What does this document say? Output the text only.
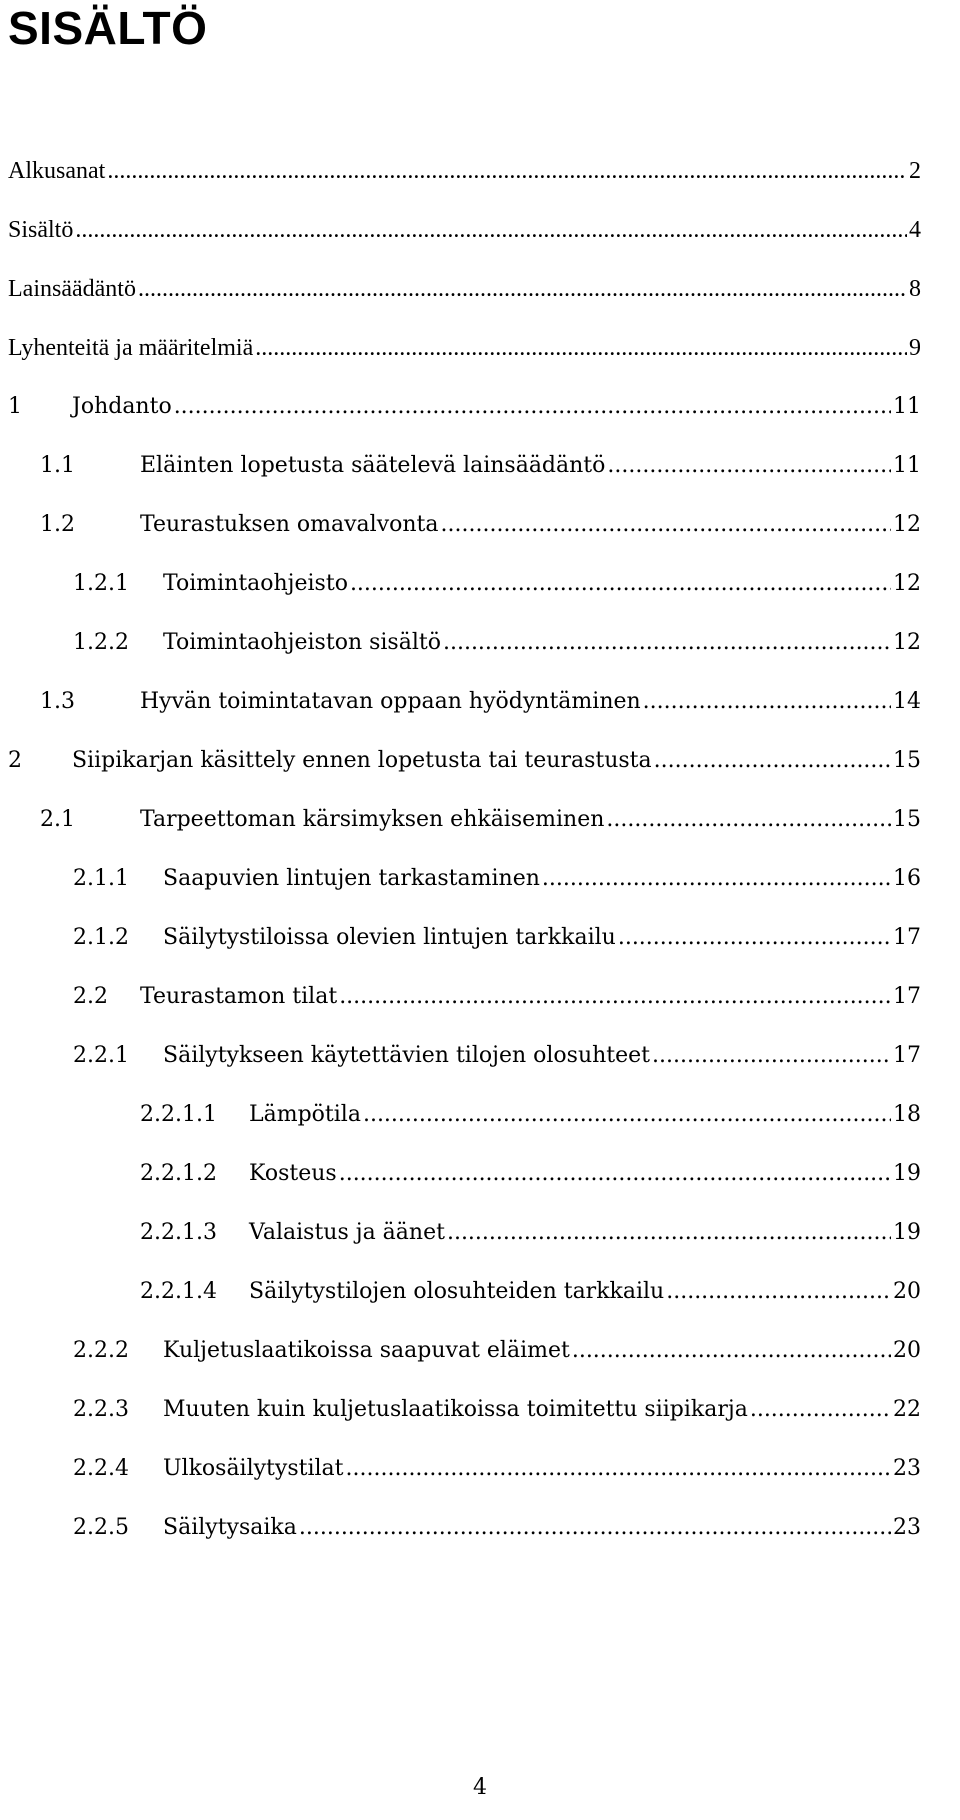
SISÄLTÖ
Alkusanat .....	2
Sisältö .....	4
Lainsäädäntö .....	8
Lyhenteitä ja määritelmiä .....	9
1	Johdanto .....	11
1.1	Eläinten lopetusta säätelevä lainsäädäntö .....	11
1.2	Teurastuksen omavalvonta .....	12
1.2.1	Toimintaohjeisto .....	12
1.2.2	Toimintaohjeiston sisältö .....	12
1.3	Hyvän toimintatavan oppaan hyödyntäminen .....	14
2	Siipikarjan käsittely ennen lopetusta tai teurastusta .....	15
2.1	Tarpeettoman kärsimyksen ehkäiseminen .....	15
2.1.1	Saapuvien lintujen tarkastaminen .....	16
2.1.2	Säilytystiloissa olevien lintujen tarkkailu .....	17
2.2	Teurastamon tilat .....	17
2.2.1	Säilytykseen käytettävien tilojen olosuhteet .....	17
2.2.1.1	Lämpötila .....	18
2.2.1.2	Kosteus .....	19
2.2.1.3	Valaistus ja äänet .....	19
2.2.1.4	Säilytystilojen olosuhteiden tarkkailu .....	20
2.2.2	Kuljetuslaatikoissa saapuvat eläimet .....	20
2.2.3	Muuten kuin kuljetuslaatikoissa toimitettu siipikarja .....	22
2.2.4	Ulkosäilytystilat .....	23
2.2.5	Säilytysaika .....	23
4
